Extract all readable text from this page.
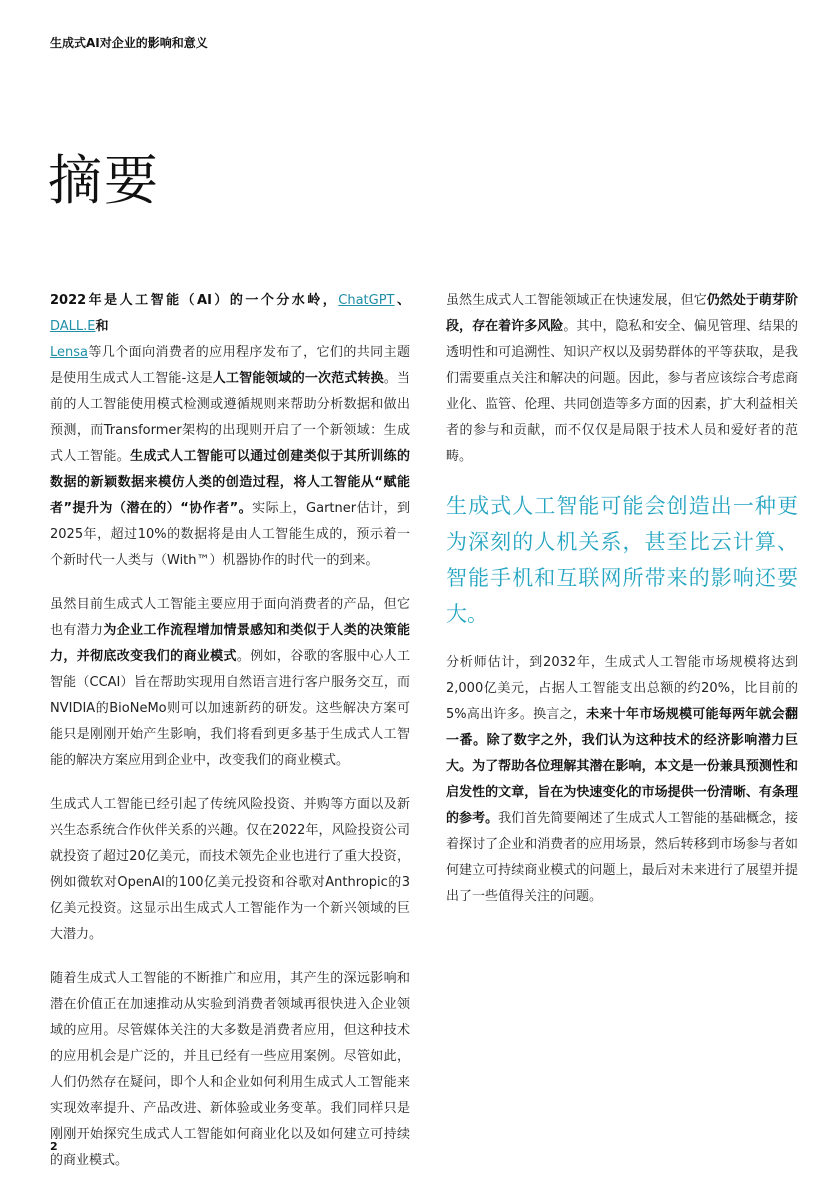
生成式AI对企业的影响和意义
摘要

2022年是人工智能（AI）的一个分水岭，ChatGPT、DALL.E和
Lensa等几个面向消费者的应用程序发布了，它们的共同主题是使用生成式人工智能-这是人工智能领域的一次范式转换。当前的人工智能使用模式检测或遵循规则来帮助分析数据和做出预测，而Transformer架构的出现则开启了一个新领域：生成式人工智能。生成式人工智能可以通过创建类似于其所训练的数据的新颖数据来模仿人类的创造过程，将人工智能从“赋能者”提升为（潜在的）“协作者”。实际上，Gartner估计，到2025年，超过10%的数据将是由人工智能生成的，预示着一个新时代一人类与（With™）机器协作的时代一的到来。

虽然目前生成式人工智能主要应用于面向消费者的产品，但它也有潜力为企业工作流程增加情景感知和类似于人类的决策能力，并彻底改变我们的商业模式。例如，谷歌的客服中心人工智能（CCAI）旨在帮助实现用自然语言进行客户服务交互，而NVIDIA的BioNeMo则可以加速新药的研发。这些解决方案可能只是刚刚开始产生影响，我们将看到更多基于生成式人工智能的解决方案应用到企业中，改变我们的商业模式。

生成式人工智能已经引起了传统风险投资、并购等方面以及新兴生态系统合作伙伴关系的兴趣。仅在2022年，风险投资公司就投资了超过20亿美元，而技术领先企业也进行了重大投资，例如微软对OpenAI的100亿美元投资和谷歌对Anthropic的3亿美元投资。这显示出生成式人工智能作为一个新兴领域的巨大潜力。

随着生成式人工智能的不断推广和应用，其产生的深远影响和潜在价值正在加速推动从实验到消费者领域再很快进入企业领域的应用。尽管媒体关注的大多数是消费者应用，但这种技术的应用机会是广泛的，并且已经有一些应用案例。尽管如此，人们仍然存在疑问，即个人和企业如何利用生成式人工智能来实现效率提升、产品改进、新体验或业务变革。我们同样只是刚刚开始探究生成式人工智能如何商业化以及如何建立可持续的商业模式。

虽然生成式人工智能领域正在快速发展，但它仍然处于萌芽阶段，存在着许多风险。其中，隐私和安全、偏见管理、结果的透明性和可追溯性、知识产权以及弱势群体的平等获取，是我们需要重点关注和解决的问题。因此，参与者应该综合考虑商业化、监管、伦理、共同创造等多方面的因素，扩大利益相关者的参与和贡献，而不仅仅是局限于技术人员和爱好者的范畴。

生成式人工智能可能会创造出一种更为深刻的人机关系，甚至比云计算、智能手机和互联网所带来的影响还要大。

分析师估计，到2032年，生成式人工智能市场规模将达到2,000亿美元，占据人工智能支出总额的约20%，比目前的5%高出许多。换言之，未来十年市场规模可能每两年就会翻一番。除了数字之外，我们认为这种技术的经济影响潜力巨大。为了帮助各位理解其潜在影响，本文是一份兼具预测性和启发性的文章，旨在为快速变化的市场提供一份清晰、有条理的参考。我们首先简要阐述了生成式人工智能的基础概念，接着探讨了企业和消费者的应用场景，然后转移到市场参与者如何建立可持续商业模式的问题上，最后对未来进行了展望并提出了一些值得关注的问题。

2
